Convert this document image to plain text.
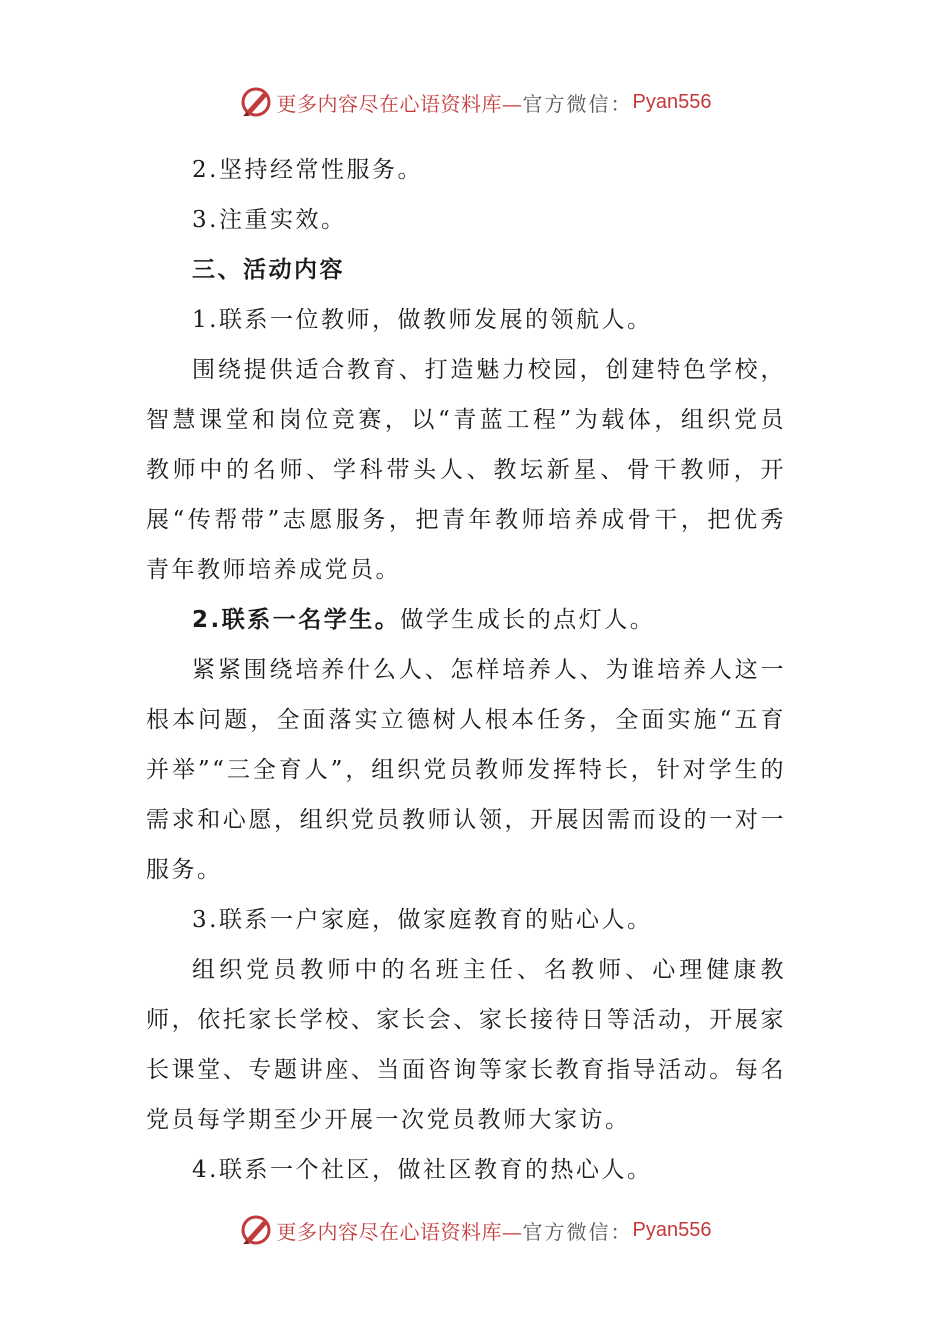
更多内容尽在心语资料库— 官方微信： Pyan556

2.坚持经常性服务。

3.注重实效。

三、活动内容

1.联系一位教师，做教师发展的领航人。

围绕提供适合教育、打造魅力校园，创建特色学校，智慧课堂和岗位竞赛，以“青蓝工程”为载体，组织党员教师中的名师、学科带头人、教坛新星、骨干教师，开展“传帮带”志愿服务，把青年教师培养成骨干，把优秀青年教师培养成党员。

2.联系一名学生。做学生成长的点灯人。

紧紧围绕培养什么人、怎样培养人、为谁培养人这一根本问题，全面落实立德树人根本任务，全面实施“五育并举”“三全育人”，组织党员教师发挥特长，针对学生的需求和心愿，组织党员教师认领，开展因需而设的一对一服务。

3.联系一户家庭，做家庭教育的贴心人。

组织党员教师中的名班主任、名教师、心理健康教师，依托家长学校、家长会、家长接待日等活动，开展家长课堂、专题讲座、当面咨询等家长教育指导活动。每名党员每学期至少开展一次党员教师大家访。

4.联系一个社区，做社区教育的热心人。

更多内容尽在心语资料库— 官方微信： Pyan556
